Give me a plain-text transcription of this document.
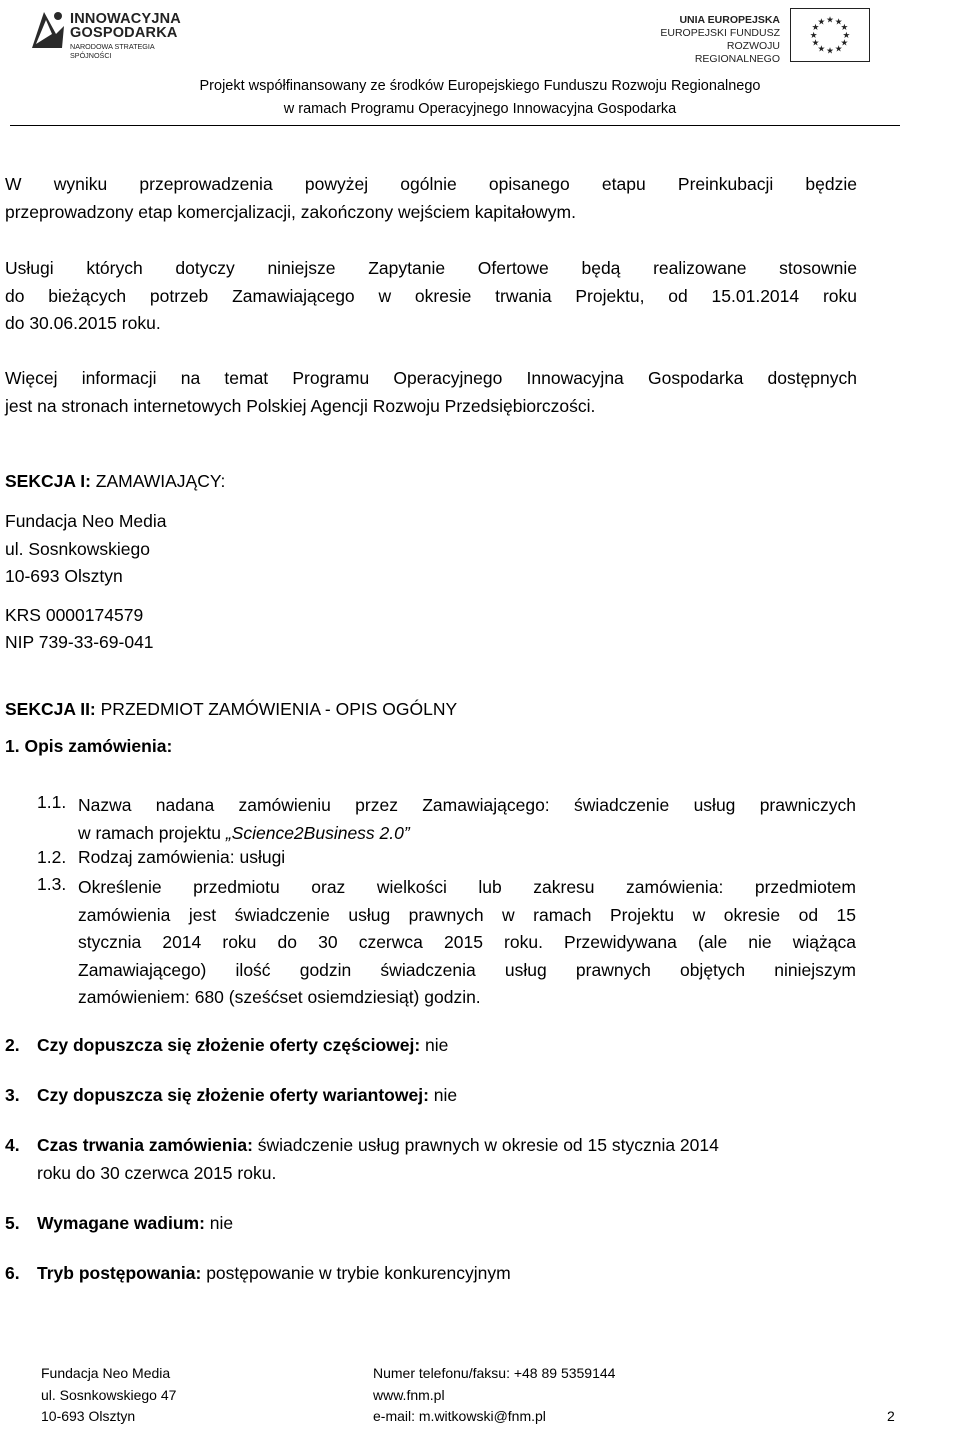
INNOWACYJNA
GOSPODARKA
NARODOWA STRATEGIA SPÓJNOŚCI
UNIA EUROPEJSKA
EUROPEJSKI FUNDUSZ
ROZWOJU REGIONALNEGO
★ ★
★
★
★
★
★
★
★
★
★
★
Projekt współfinansowany ze środków Europejskiego Funduszu Rozwoju Regionalnego
w ramach Programu Operacyjnego Innowacyjna Gospodarka
W wyniku przeprowadzenia powyżej ogólnie opisanego etapu Preinkubacji będzie
przeprowadzony etap komercjalizacji, zakończony wejściem kapitałowym.
Usługi których dotyczy niniejsze Zapytanie Ofertowe będą realizowane stosownie
do bieżących potrzeb Zamawiającego w okresie trwania Projektu, od 15.01.2014 roku
do 30.06.2015 roku.
Więcej informacji na temat Programu Operacyjnego Innowacyjna Gospodarka dostępnych
jest na stronach internetowych Polskiej Agencji Rozwoju Przedsiębiorczości.
SEKCJA I: ZAMAWIAJĄCY:
Fundacja Neo Media
ul. Sosnkowskiego
10-693 Olsztyn
KRS 0000174579
NIP 739-33-69-041
SEKCJA II: PRZEDMIOT ZAMÓWIENIA - OPIS OGÓLNY
1. Opis zamówienia:
1.1. Nazwa nadana zamówieniu przez Zamawiającego: świadczenie usług prawniczych
w ramach projektu „Science2Business 2.0”
1.2. Rodzaj zamówienia: usługi
1.3. Określenie przedmiotu oraz wielkości lub zakresu zamówienia: przedmiotem
zamówienia jest świadczenie usług prawnych w ramach Projektu w okresie od 15
stycznia 2014 roku do 30 czerwca 2015 roku. Przewidywana (ale nie wiążąca
Zamawiającego) ilość godzin świadczenia usług prawnych objętych niniejszym
zamówieniem: 680 (sześćset osiemdziesiąt) godzin.
2. Czy dopuszcza się złożenie oferty częściowej: nie
3. Czy dopuszcza się złożenie oferty wariantowej: nie
4. Czas trwania zamówienia: świadczenie usług prawnych w okresie od 15 stycznia 2014
roku do 30 czerwca 2015 roku.
5. Wymagane wadium: nie
6. Tryb postępowania: postępowanie w trybie konkurencyjnym
Fundacja Neo Media
ul. Sosnkowskiego 47
10-693 Olsztyn
Numer telefonu/faksu: +48 89 5359144
www.fnm.pl
e-mail: m.witkowski@fnm.pl	2
